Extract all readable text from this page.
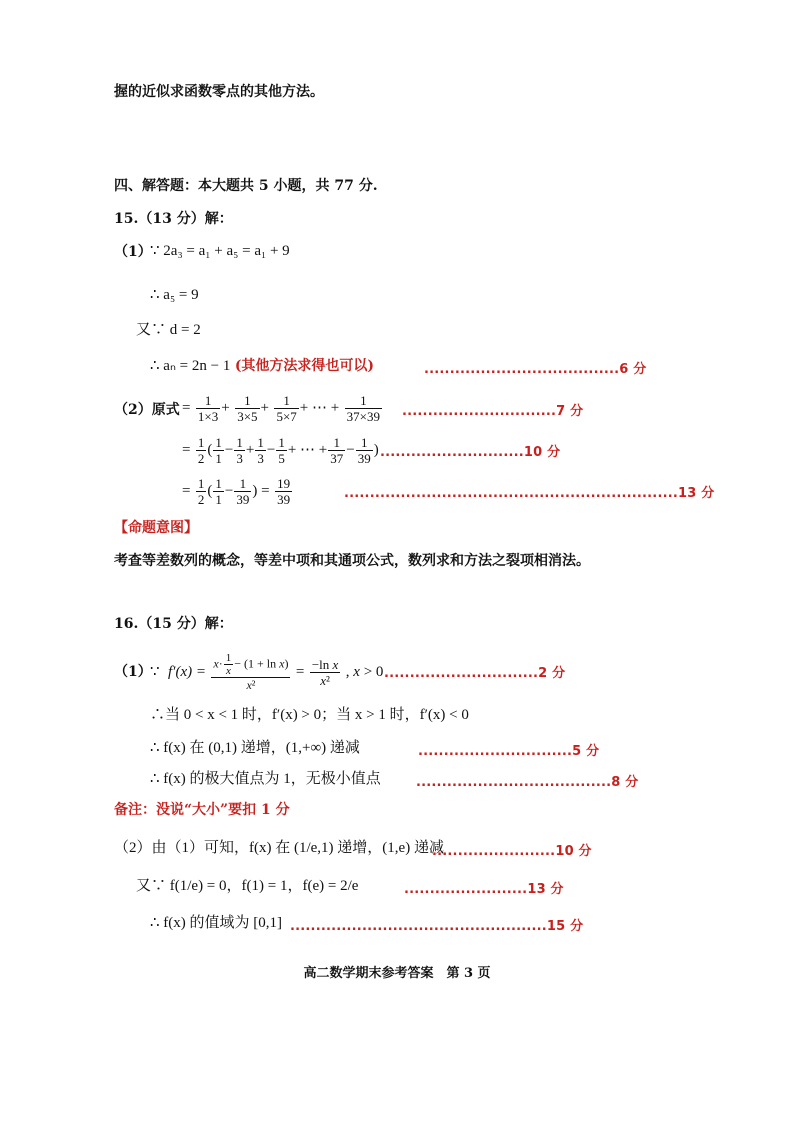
握的近似求函数零点的其他方法。
四、解答题：本大题共 5 小题，共 77 分.
15.（13 分）解：
（1）
∵ 2a₃ = a₁ + a₅ = a₁ + 9
∴ a₅ = 9
又∵ d = 2
∴ aₙ = 2n − 1 (其他方法求得也可以)	......................................6 分
（2）原式 = $\frac{1}{1\times 3} + \frac{1}{3\times 5} + \frac{1}{5\times 7}$ + ⋯ + $\frac{1}{37\times 39} ..............................7$ 分
= $\frac{1}{2}$ ( $\frac{1}{1} - \frac{1}{3} + \frac{1}{3} - \frac{1}{5}$ + ⋯ + $\frac{1}{37} - \frac{1}{39}$ ) ............................10 分
= $\frac{1}{2}$ ( $\frac{1}{1} - \frac{1}{39}$ ) = $\frac{19}{39}$	.................................................................13 分
【命题意图】
考查等差数列的概念，等差中项和其通项公式，数列求和方法之裂项相消法。
16.（15 分）解：
（1）
∵ $f'(x) = \frac{x\cdot \frac{1}{x} - (1 + \ln x)}{\text{x²}} = \frac{\text{−ln x}}{\text{x²}}$ , x > 0 ..............................2 分
∴当 0 < x < 1 时，f′(x) > 0；当 x > 1 时，f′(x) < 0
∴ f(x) 在 (0,1) 递增，(1,+∞) 递减	..............................5 分
∴ f(x) 的极大值点为 1，无极小值点	......................................8 分
备注：没说“大小”要扣 1 分
（2）由（1）可知，f(x) 在 (1/e,1) 递增，(1,e) 递减
........................10 分
又∵ f(1/e) = 0，f(1) = 1，f(e) = 2/e	........................13 分
∴ f(x) 的值域为 [0,1] ..................................................15 分
高二数学期末参考答案　第 3 页
